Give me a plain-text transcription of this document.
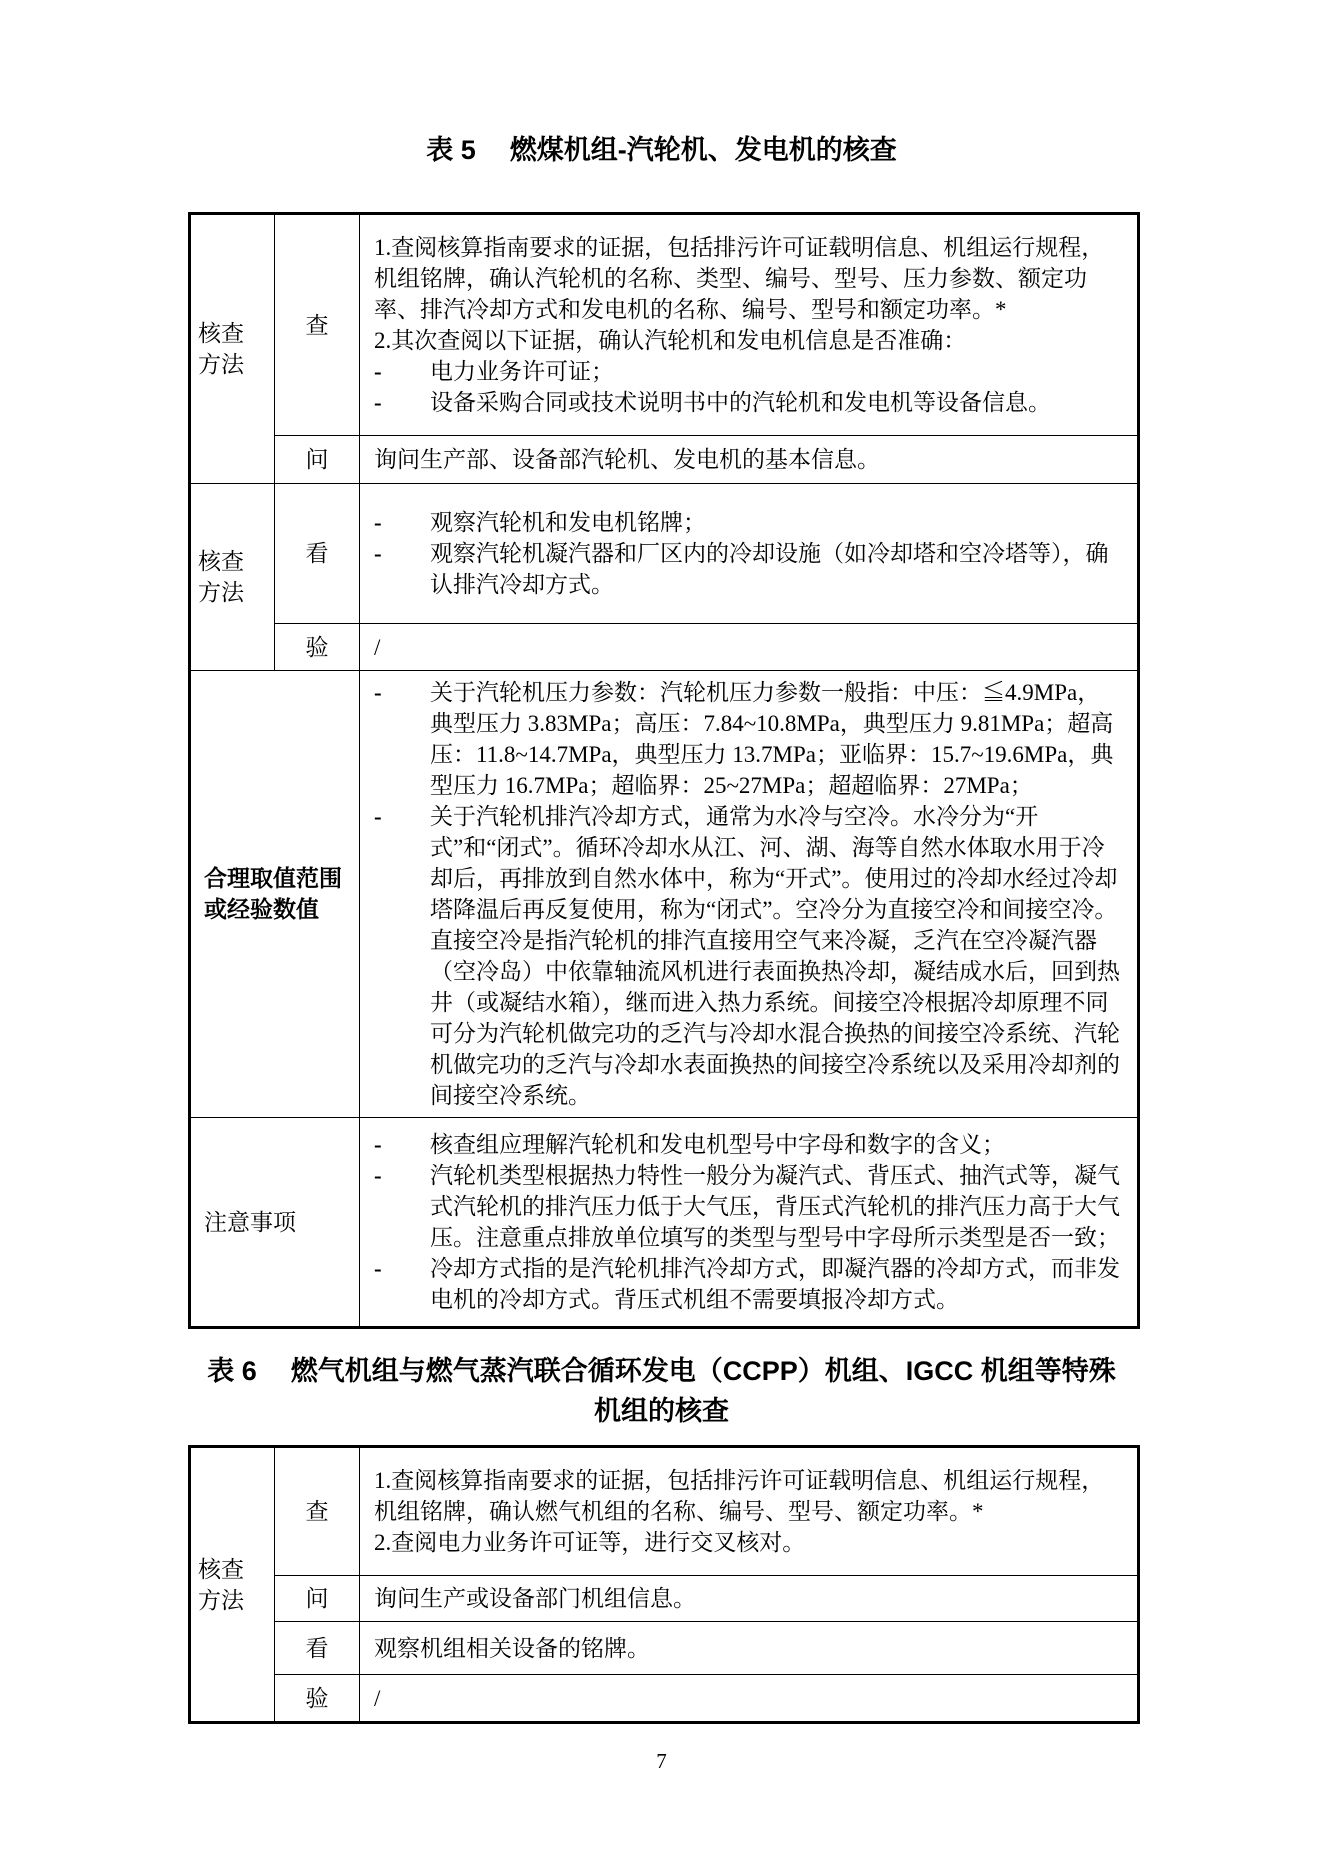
表 5 燃煤机组-汽轮机、发电机的核查
核查方法	查	

1.查阅核算指南要求的证据，包括排污许可证载明信息、机组运行规程，机组铭牌，确认汽轮机的名称、类型、编号、型号、压力参数、额定功率、排汽冷却方式和发电机的名称、编号、型号和额定功率。*

2.其次查阅以下证据，确认汽轮机和发电机信息是否准确：

-	电力业务许可证；
-	设备采购合同或技术说明书中的汽轮机和发电机等设备信息。

	问	询问生产部、设备部汽轮机、发电机的基本信息。
核查方法	看	- 观察汽轮机和发电机铭牌；
- 观察汽轮机凝汽器和厂区内的冷却设施（如冷却塔和空冷塔等），确认排汽冷却方式。

	验	/
合理取值范围或经验数值		- 关于汽轮机压力参数：汽轮机压力参数一般指：中压：≦4.9MPa，典型压力 3.83MPa；高压：7.84~10.8MPa，典型压力 9.81MPa；超高压：11.8~14.7MPa，典型压力 13.7MPa；亚临界：15.7~19.6MPa，典型压力 16.7MPa；超临界：25~27MPa；超超临界：27MPa；
- 关于汽轮机排汽冷却方式，通常为水冷与空冷。水冷分为“开式”和“闭式”。循环冷却水从江、河、湖、海等自然水体取水用于冷却后，再排放到自然水体中，称为“开式”。使用过的冷却水经过冷却塔降温后再反复使用，称为“闭式”。空冷分为直接空冷和间接空冷。直接空冷是指汽轮机的排汽直接用空气来冷凝，乏汽在空冷凝汽器（空冷岛）中依靠轴流风机进行表面换热冷却，凝结成水后，回到热井（或凝结水箱），继而进入热力系统。间接空冷根据冷却原理不同可分为汽轮机做完功的乏汽与冷却水混合换热的间接空冷系统、汽轮机做完功的乏汽与冷却水表面换热的间接空冷系统以及采用冷却剂的间接空冷系统。

注意事项	
-	核查组应理解汽轮机和发电机型号中字母和数字的含义；
-	汽轮机类型根据热力特性一般分为凝汽式、背压式、抽汽式等，凝气式汽轮机的排汽压力低于大气压，背压式汽轮机的排汽压力高于大气压。注意重点排放单位填写的类型与型号中字母所示类型是否一致；
-	冷却方式指的是汽轮机排汽冷却方式，即凝汽器的冷却方式，而非发电机的冷却方式。背压式机组不需要填报冷却方式。
表 6 燃气机组与燃气蒸汽联合循环发电（CCPP）机组、IGCC 机组等特殊
机组的核查
核查方法	查	1.查阅核算指南要求的证据，包括排污许可证载明信息、机组运行规程，机组铭牌，确认燃气机组的名称、编号、型号、额定功率。*

2.查阅电力业务许可证等，进行交叉核对。

	问	询问生产或设备部门机组信息。
	看	观察机组相关设备的铭牌。
	验	/
7
